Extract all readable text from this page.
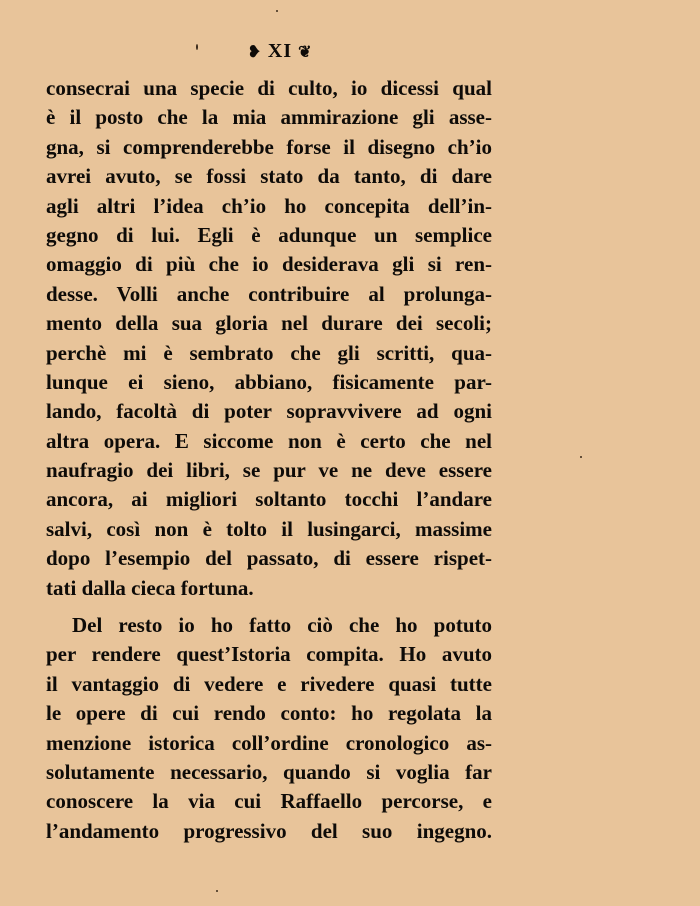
❥ XI ❦
consecrai una specie di culto, io dicessi qual
è il posto che la mia ammirazione gli asse-
gna, si comprenderebbe forse il disegno ch’io
avrei avuto, se fossi stato da tanto, di dare
agli altri l’idea ch’io ho concepita dell’in-
gegno di lui. Egli è adunque un semplice
omaggio di più che io desiderava gli si ren-
desse. Volli anche contribuire al prolunga-
mento della sua gloria nel durare dei secoli;
perchè mi è sembrato che gli scritti, qua-
lunque ei sieno, abbiano, fisicamente par-
lando, facoltà di poter sopravvivere ad ogni
altra opera. E siccome non è certo che nel
naufragio dei libri, se pur ve ne deve essere
ancora, ai migliori soltanto tocchi l’andare
salvi, così non è tolto il lusingarci, massime
dopo l’esempio del passato, di essere rispet-
tati dalla cieca fortuna.
Del resto io ho fatto ciò che ho potuto
per rendere quest’Istoria compita. Ho avuto
il vantaggio di vedere e rivedere quasi tutte
le opere di cui rendo conto: ho regolata la
menzione istorica coll’ordine cronologico as-
solutamente necessario, quando si voglia far
conoscere la via cui Raffaello percorse, e
l’andamento progressivo del suo ingegno.
